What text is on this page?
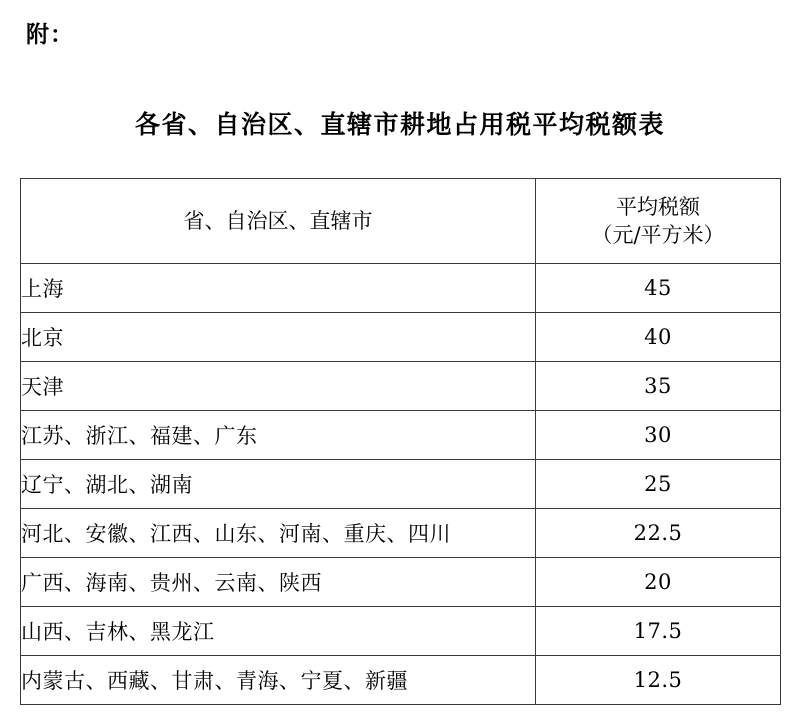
附：
各省、自治区、直辖市耕地占用税平均税额表
省、自治区、直辖市	平均税额
（元/平方米）

上海	45
北京	40
天津	35
江苏、浙江、福建、广东	30
辽宁、湖北、湖南	25
河北、安徽、江西、山东、河南、重庆、四川	22.5
广西、海南、贵州、云南、陕西	20
山西、吉林、黑龙江	17.5
内蒙古、西藏、甘肃、青海、宁夏、新疆	12.5
